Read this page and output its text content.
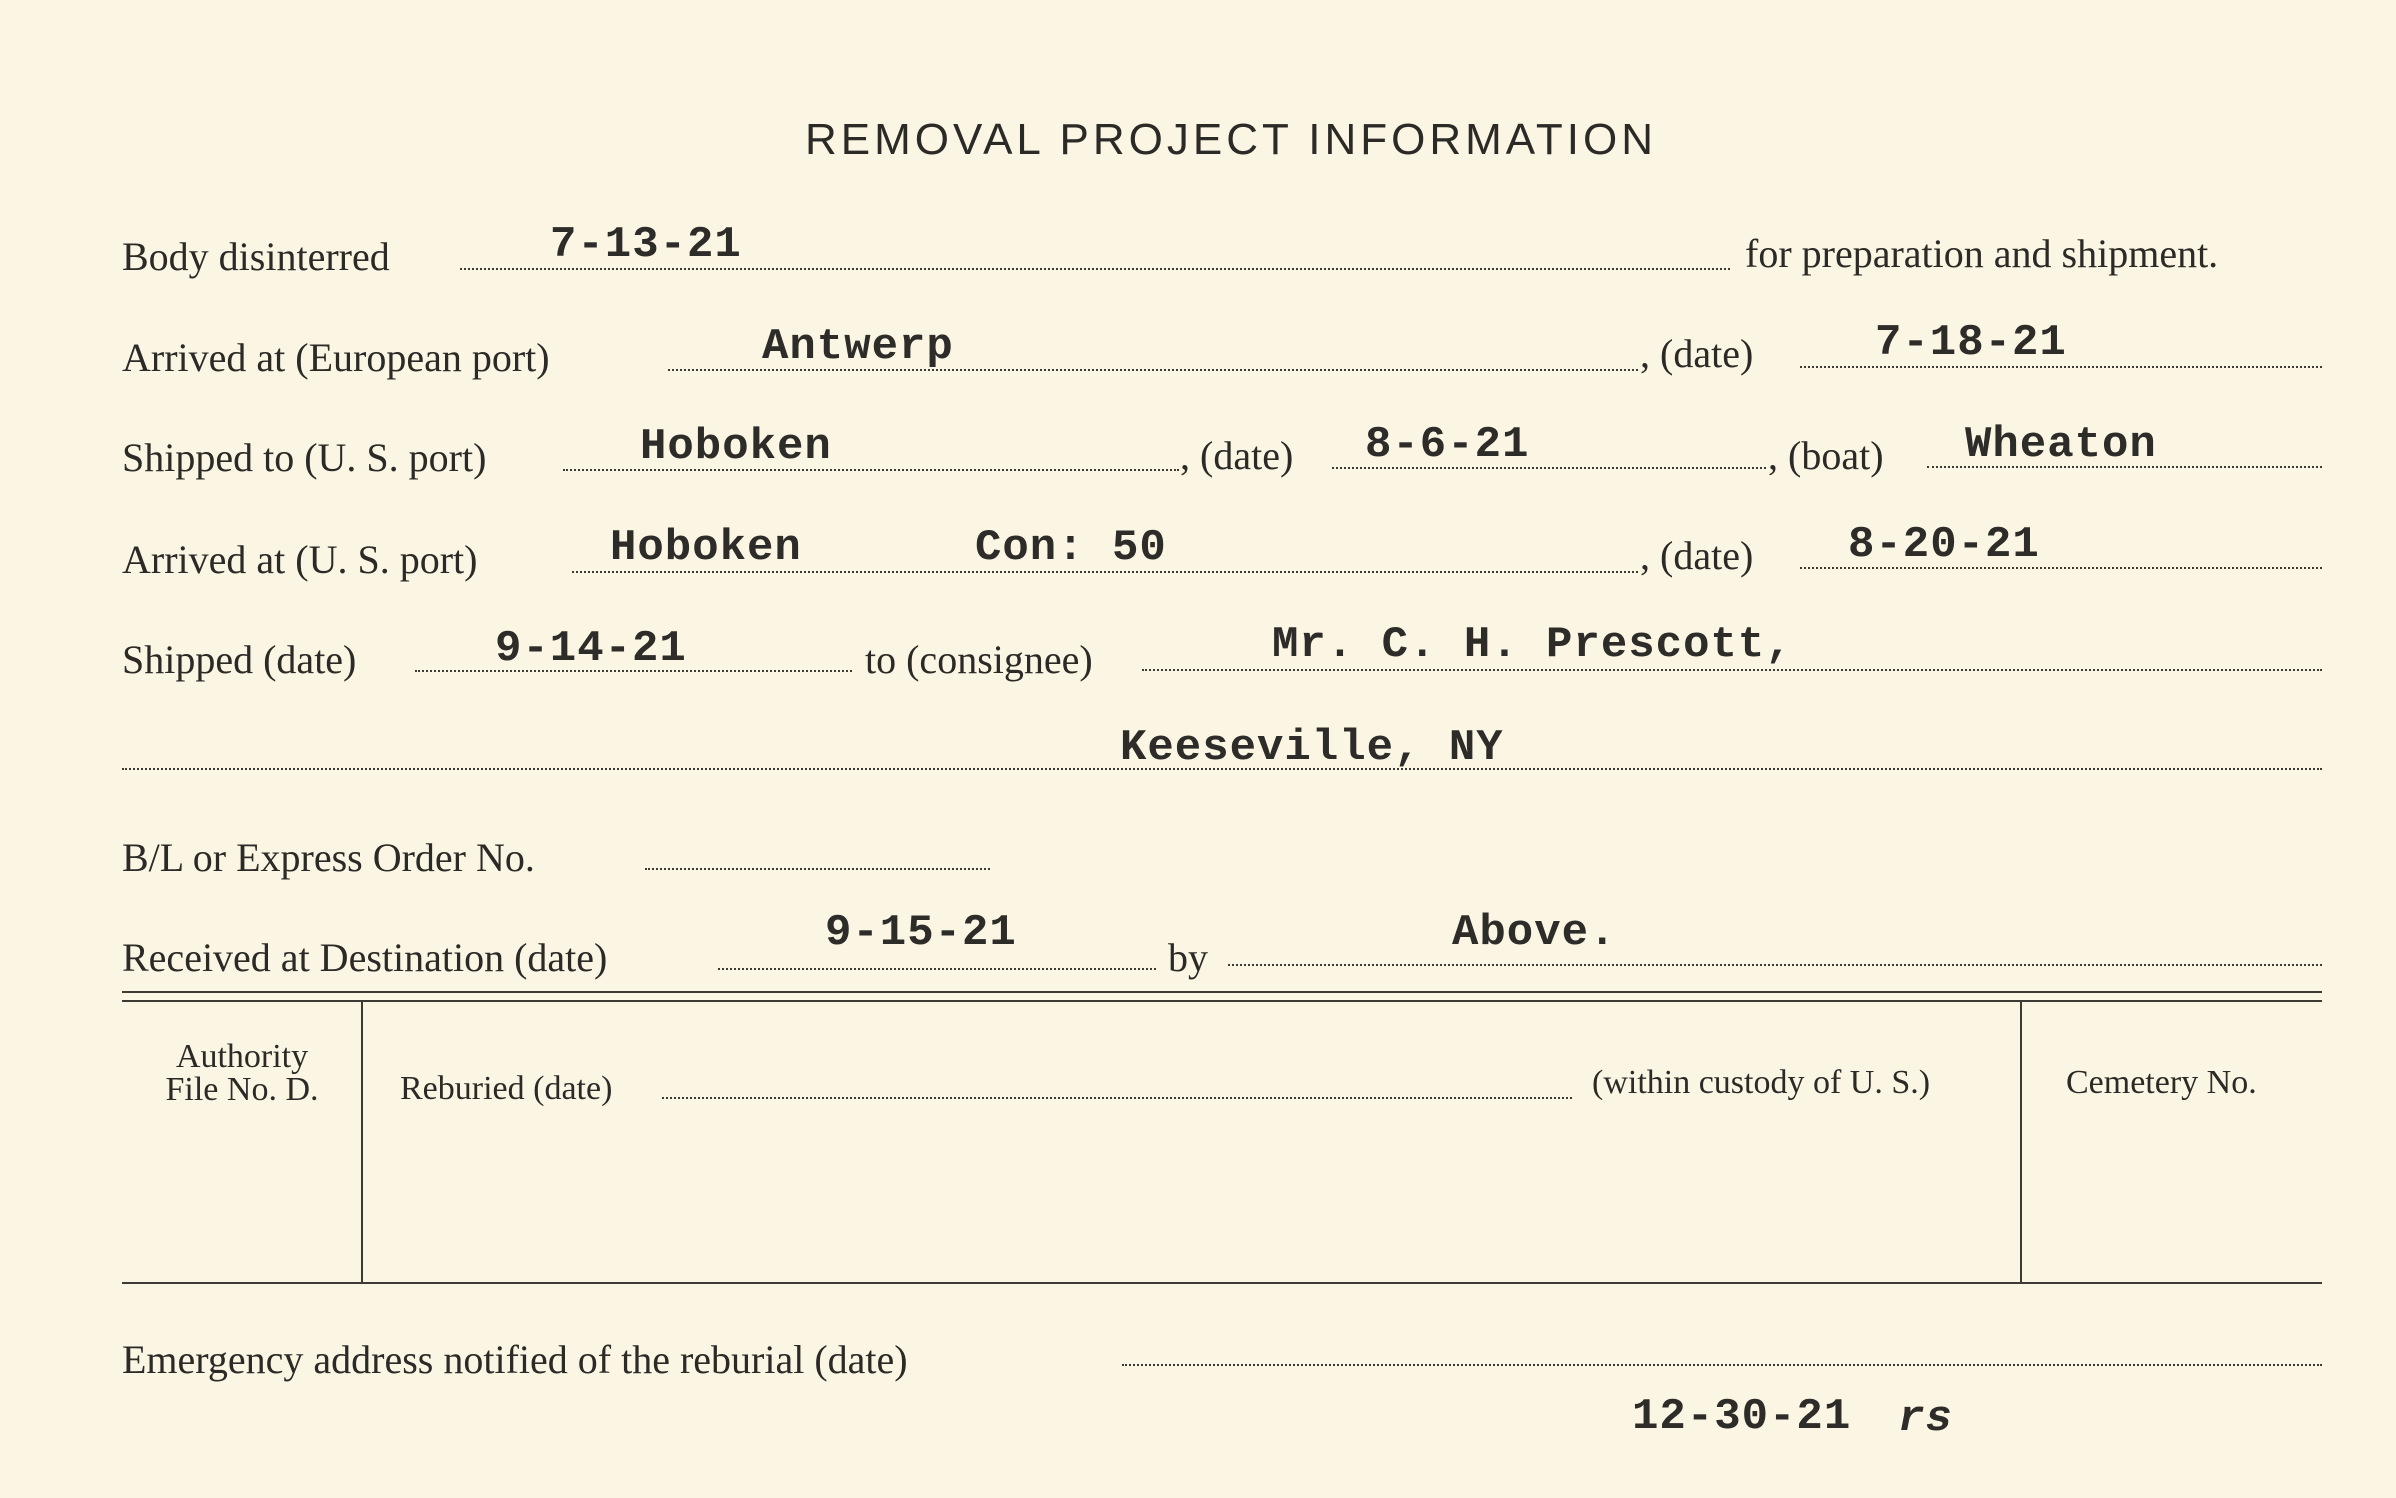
REMOVAL PROJECT INFORMATION
Body disinterred	7-13-21	for preparation and shipment.
Arrived at (European port)	Antwerp	, (date)	7-18-21
Shipped to (U. S. port)	Hoboken	, (date) 8-6-21	, (boat) Wheaton
Arrived at (U. S. port)	Hoboken	Con: 50	, (date) 8-20-21
Shipped (date)	9-14-21	to (consignee)	Mr. C. H. Prescott,
Keeseville, NY
B/L or Express Order No.
Received at Destination (date)	9-15-21	by	Above.
Authority
File No. D.	Reburied (date)	(within custody of U. S.)	Cemetery No.
Emergency address notified of the reburial (date)
12-30-21 rs
